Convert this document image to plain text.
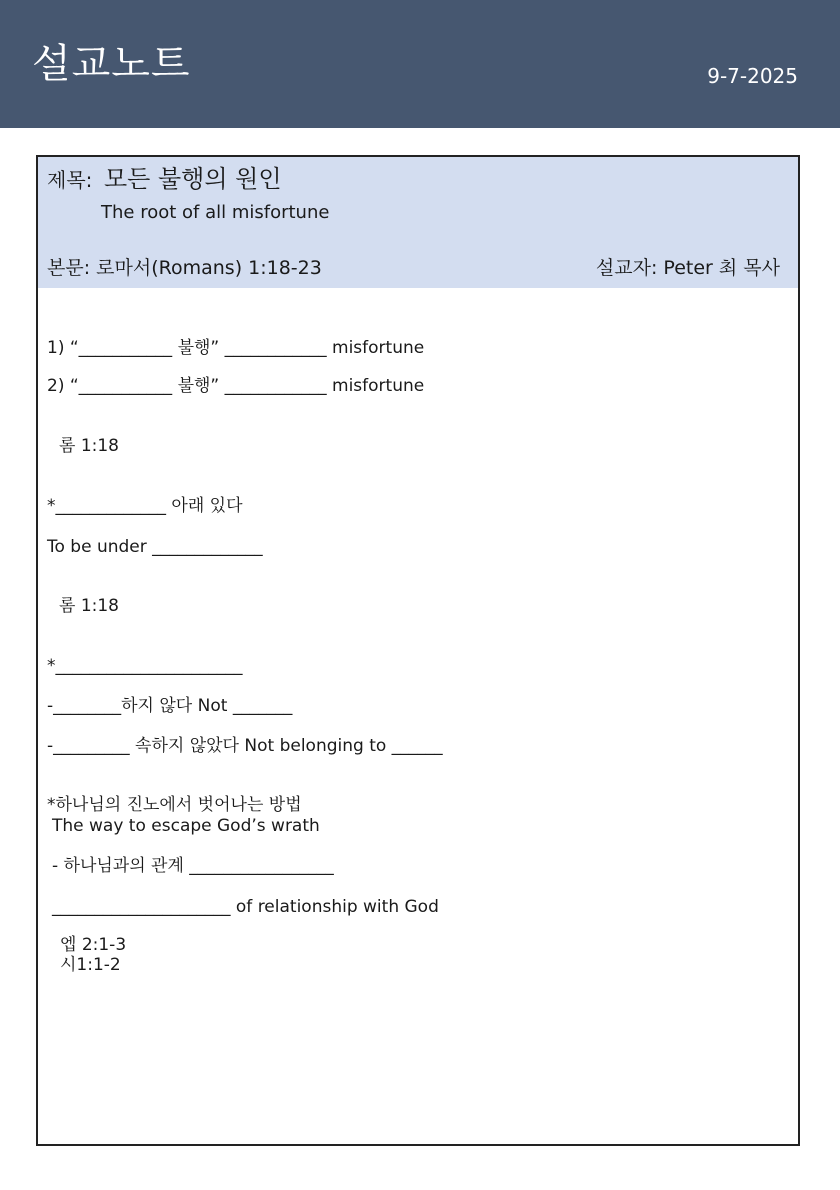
설교노트	9-7-2025
제목: 모든 불행의 원인
The root of all misfortune
본문: 로마서(Romans) 1:18-23	설교자: Peter 최 목사
1) “___________ 불행” ____________ misfortune
2) “___________ 불행” ____________ misfortune
롬 1:18
*_____________ 아래 있다
To be under _____________
롬 1:18
*______________________
-________하지 않다 Not _______
-_________ 속하지 않았다 Not belonging to ______
*하나님의 진노에서 벗어나는 방법
The way to escape God’s wrath
- 하나님과의 관계 _________________
_____________________ of relationship with God
엡 2:1-3
시1:1-2
